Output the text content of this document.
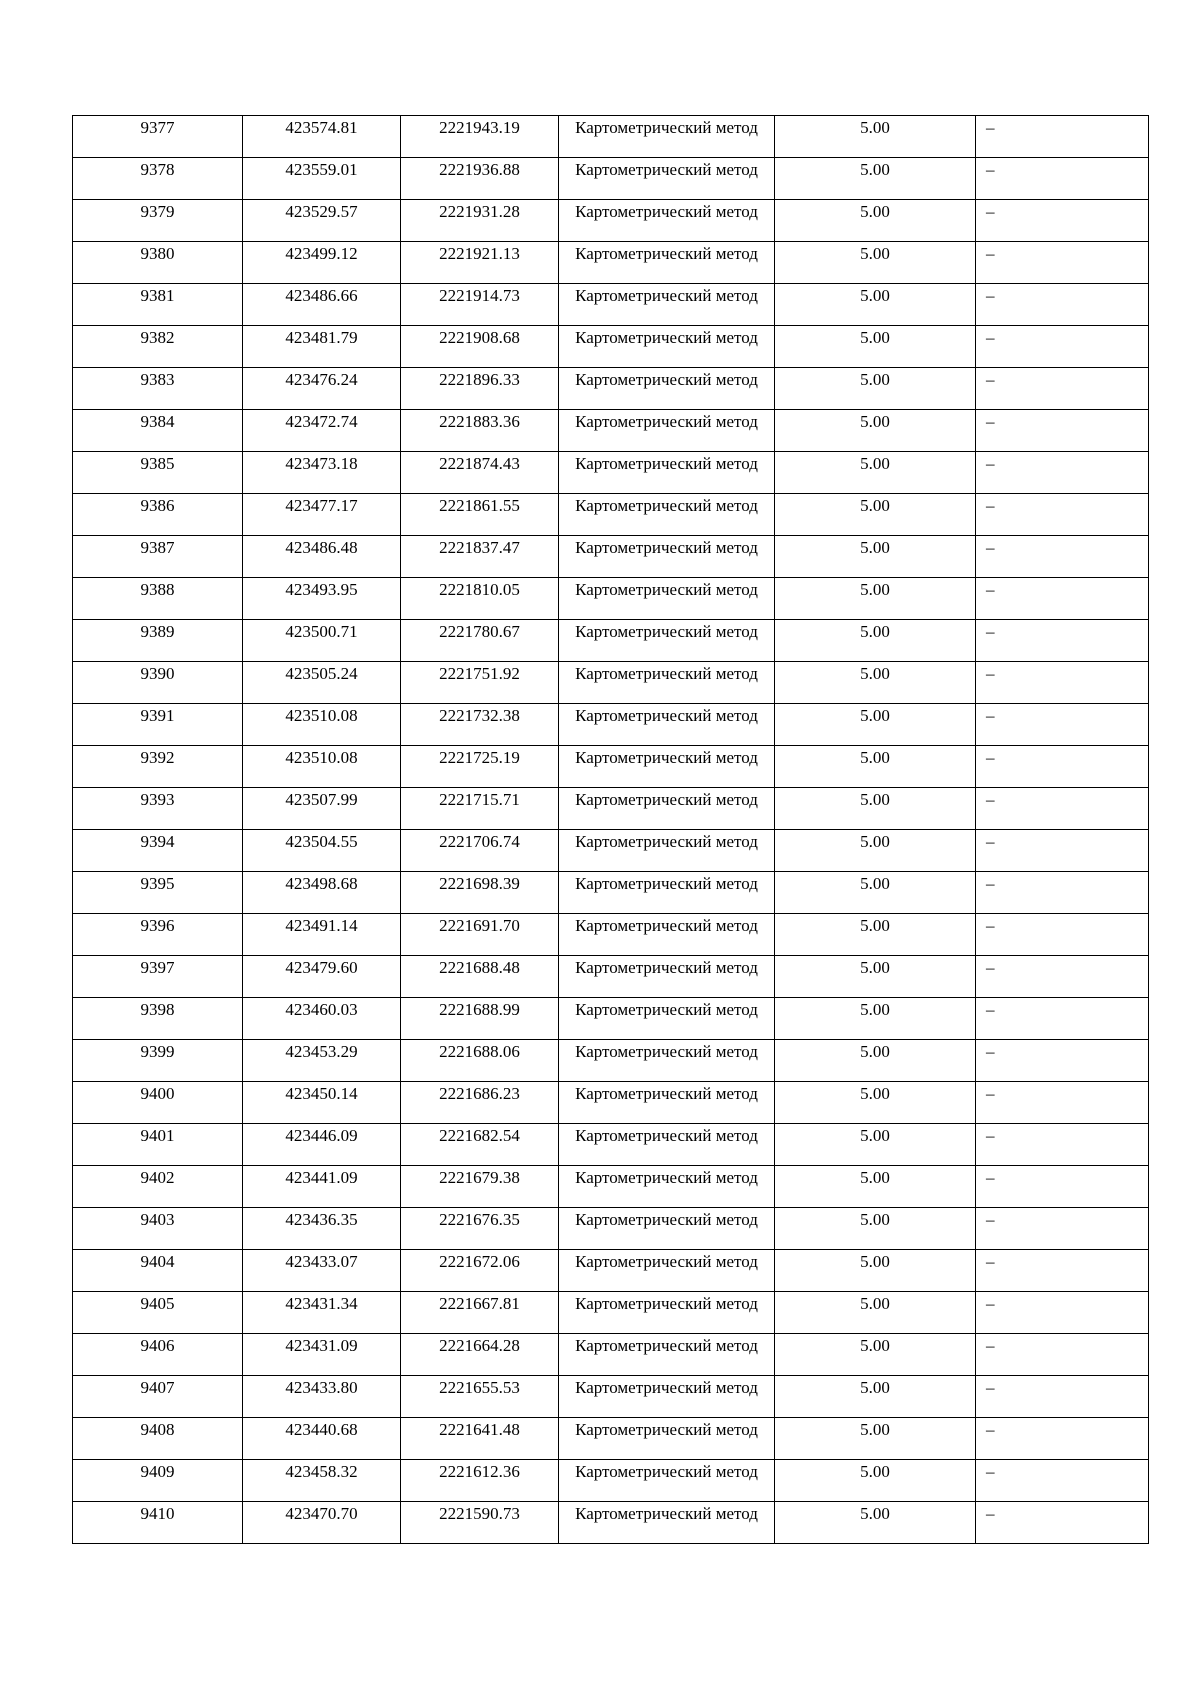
9377	423574.81	2221943.19	Картометрический метод	5.00	–
9378	423559.01	2221936.88	Картометрический метод	5.00	–
9379	423529.57	2221931.28	Картометрический метод	5.00	–
9380	423499.12	2221921.13	Картометрический метод	5.00	–
9381	423486.66	2221914.73	Картометрический метод	5.00	–
9382	423481.79	2221908.68	Картометрический метод	5.00	–
9383	423476.24	2221896.33	Картометрический метод	5.00	–
9384	423472.74	2221883.36	Картометрический метод	5.00	–
9385	423473.18	2221874.43	Картометрический метод	5.00	–
9386	423477.17	2221861.55	Картометрический метод	5.00	–
9387	423486.48	2221837.47	Картометрический метод	5.00	–
9388	423493.95	2221810.05	Картометрический метод	5.00	–
9389	423500.71	2221780.67	Картометрический метод	5.00	–
9390	423505.24	2221751.92	Картометрический метод	5.00	–
9391	423510.08	2221732.38	Картометрический метод	5.00	–
9392	423510.08	2221725.19	Картометрический метод	5.00	–
9393	423507.99	2221715.71	Картометрический метод	5.00	–
9394	423504.55	2221706.74	Картометрический метод	5.00	–
9395	423498.68	2221698.39	Картометрический метод	5.00	–
9396	423491.14	2221691.70	Картометрический метод	5.00	–
9397	423479.60	2221688.48	Картометрический метод	5.00	–
9398	423460.03	2221688.99	Картометрический метод	5.00	–
9399	423453.29	2221688.06	Картометрический метод	5.00	–
9400	423450.14	2221686.23	Картометрический метод	5.00	–
9401	423446.09	2221682.54	Картометрический метод	5.00	–
9402	423441.09	2221679.38	Картометрический метод	5.00	–
9403	423436.35	2221676.35	Картометрический метод	5.00	–
9404	423433.07	2221672.06	Картометрический метод	5.00	–
9405	423431.34	2221667.81	Картометрический метод	5.00	–
9406	423431.09	2221664.28	Картометрический метод	5.00	–
9407	423433.80	2221655.53	Картометрический метод	5.00	–
9408	423440.68	2221641.48	Картометрический метод	5.00	–
9409	423458.32	2221612.36	Картометрический метод	5.00	–
9410	423470.70	2221590.73	Картометрический метод	5.00	–
